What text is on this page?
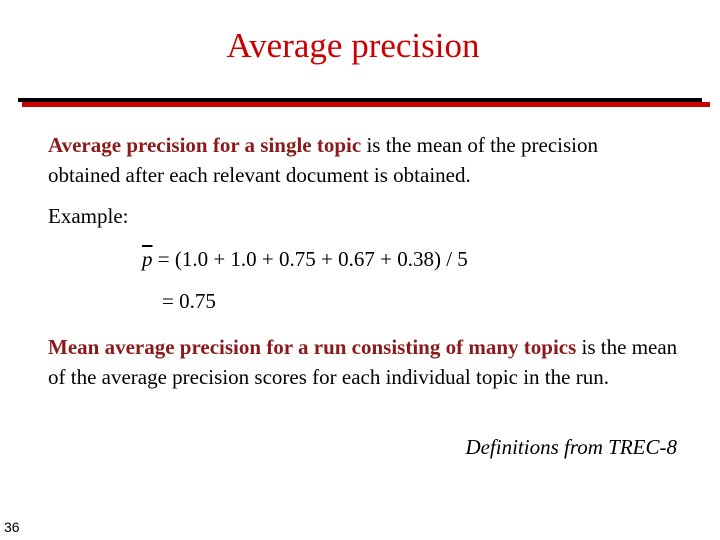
Average precision

Average precision for a single topic is the mean of the precision obtained after each relevant document is obtained.

Example:

$\overline{p} = (1.0 + 1.0 + 0.75 + 0.67 + 0.38) / 5$

= 0.75

Mean average precision for a run consisting of many topics is the mean of the average precision scores for each individual topic in the run.

Definitions from TREC-8

36
